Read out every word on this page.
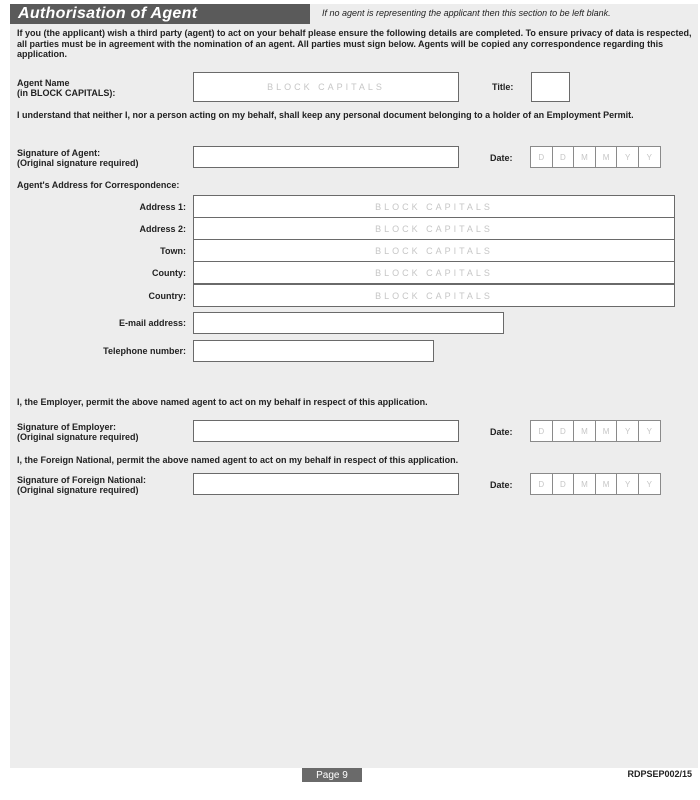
Authorisation of Agent	If no agent is representing the applicant then this section to be left blank.
If you (the applicant) wish a third party (agent) to act on your behalf please ensure the following details are completed. To ensure privacy of data is respected, all parties must be in agreement with the nomination of an agent. All parties must sign below. Agents will be copied any correspondence regarding this application.
Agent Name
(in BLOCK CAPITALS):
BLOCK CAPITALS	Title:
I understand that neither I, nor a person acting on my behalf, shall keep any personal document belonging to a holder of an Employment Permit.
Signature of Agent:
(Original signature required)	Date:	D	D	M	M	Y	Y
Agent's Address for Correspondence:
Address 1:	BLOCK CAPITALS
Address 2:	BLOCK CAPITALS
Town:	BLOCK CAPITALS
County:	BLOCK CAPITALS
Country:	BLOCK CAPITALS
E-mail address:
Telephone number:
I, the Employer, permit the above named agent to act on my behalf in respect of this application.
Signature of Employer:
(Original signature required)	Date:	D	D	M	M	Y	Y
I, the Foreign National, permit the above named agent to act on my behalf in respect of this application.
Signature of Foreign National:
(Original signature required)	Date:	D	D	M	M	Y	Y
Page 9	RDPSEP002/15
